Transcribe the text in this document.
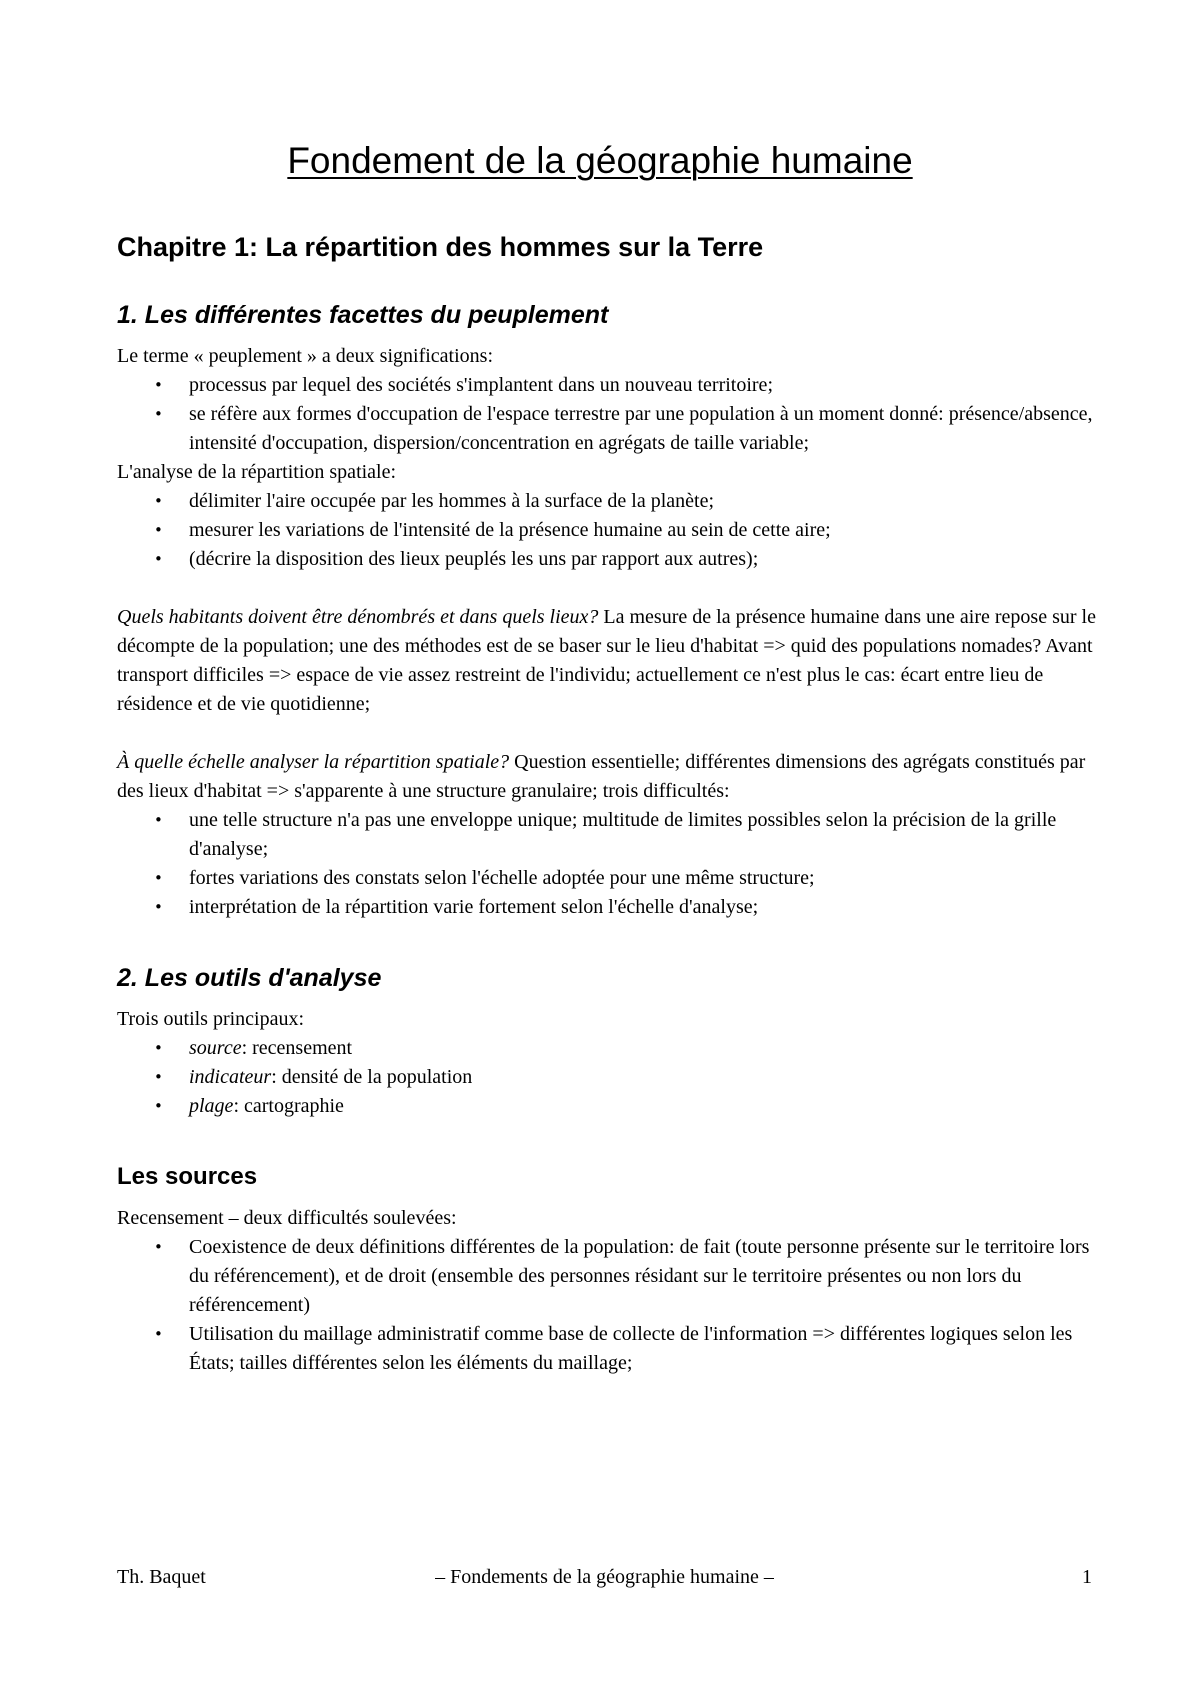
Fondement de la géographie humaine
Chapitre 1: La répartition des hommes sur la Terre
1. Les différentes facettes du peuplement

Le terme « peuplement » a deux significations:

• processus par lequel des sociétés s'implantent dans un nouveau territoire;
• se réfère aux formes d'occupation de l'espace terrestre par une population à un moment donné: présence/absence, intensité d'occupation, dispersion/concentration en agrégats de taille variable;

L'analyse de la répartition spatiale:

• délimiter l'aire occupée par les hommes à la surface de la planète;
• mesurer les variations de l'intensité de la présence humaine au sein de cette aire;
• (décrire la disposition des lieux peuplés les uns par rapport aux autres);

Quels habitants doivent être dénombrés et dans quels lieux? La mesure de la présence humaine dans une aire repose sur le décompte de la population; une des méthodes est de se baser sur le lieu d'habitat => quid des populations nomades? Avant transport difficiles => espace de vie assez restreint de l'individu; actuellement ce n'est plus le cas: écart entre lieu de résidence et de vie quotidienne;

À quelle échelle analyser la répartition spatiale? Question essentielle; différentes dimensions des agrégats constitués par des lieux d'habitat => s'apparente à une structure granulaire; trois difficultés:

• une telle structure n'a pas une enveloppe unique; multitude de limites possibles selon la précision de la grille d'analyse;
• fortes variations des constats selon l'échelle adoptée pour une même structure;
• interprétation de la répartition varie fortement selon l'échelle d'analyse;
2. Les outils d'analyse

Trois outils principaux:

• source: recensement
• indicateur: densité de la population
• plage: cartographie
Les sources

Recensement – deux difficultés soulevées:

• Coexistence de deux définitions différentes de la population: de fait (toute personne présente sur le territoire lors du référencement), et de droit (ensemble des personnes résidant sur le territoire présentes ou non lors du référencement)
• Utilisation du maillage administratif comme base de collecte de l'information => différentes logiques selon les États; tailles différentes selon les éléments du maillage;
Th. Baquet	– Fondements de la géographie humaine –	1
